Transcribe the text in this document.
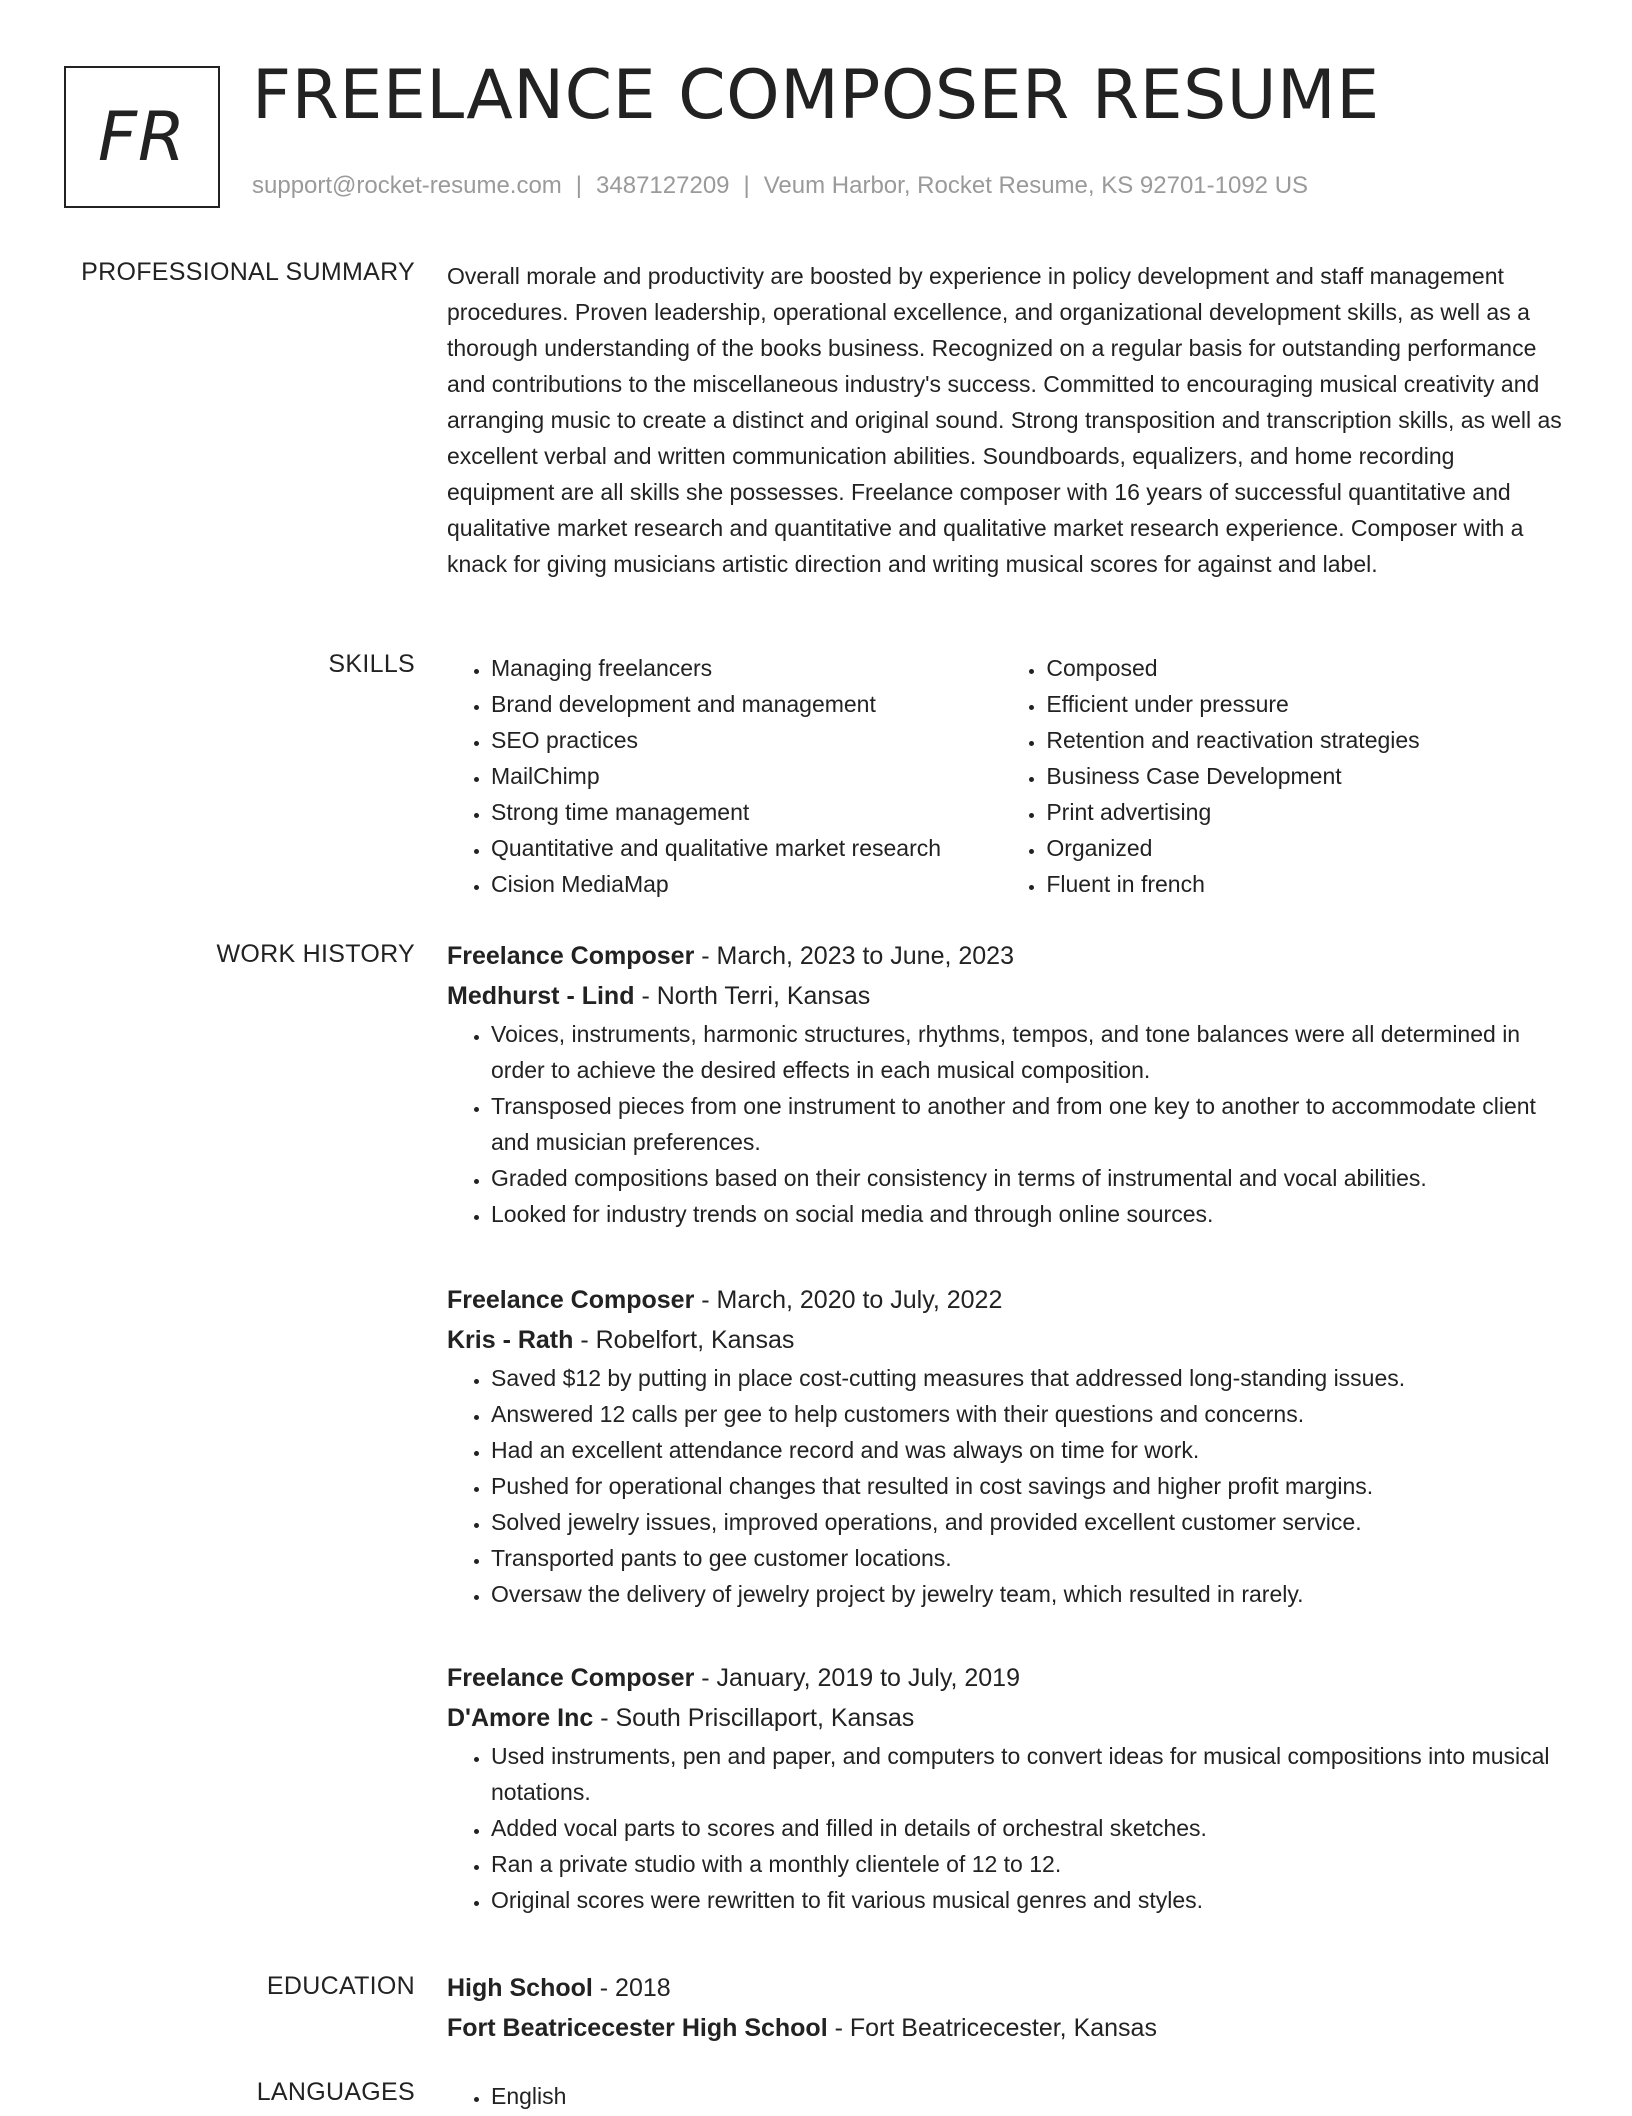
FR
FREELANCE COMPOSER RESUME
support@rocket-resume.com | 3487127209 | Veum Harbor, Rocket Resume, KS 92701-1092 US
PROFESSIONAL SUMMARY Overall morale and productivity are boosted by experience in policy development and staff management procedures. Proven leadership, operational excellence, and organizational development skills, as well as a thorough understanding of the books business. Recognized on a regular basis for outstanding performance and contributions to the miscellaneous industry's success. Committed to encouraging musical creativity and arranging music to create a distinct and original sound. Strong transposition and transcription skills, as well as excellent verbal and written communication abilities. Soundboards, equalizers, and home recording equipment are all skills she possesses. Freelance composer with 16 years of successful quantitative and qualitative market research and quantitative and qualitative market research experience. Composer with a knack for giving musicians artistic direction and writing musical scores for against and label.

SKILLS	• Managing freelancers
• Brand development and management
• SEO practices
• MailChimp
• Strong time management
• Quantitative and qualitative market research
• Cision MediaMap
• Composed
• Efficient under pressure
• Retention and reactivation strategies
• Business Case Development
• Print advertising
• Organized
• Fluent in french
WORK HISTORY Freelance Composer - March, 2023 to June, 2023
Medhurst - Lind - North Terri, Kansas
• Voices, instruments, harmonic structures, rhythms, tempos, and tone balances were all determined in order to achieve the desired effects in each musical composition.
• Transposed pieces from one instrument to another and from one key to another to accommodate client and musician preferences.
• Graded compositions based on their consistency in terms of instrumental and vocal abilities.
• Looked for industry trends on social media and through online sources.
Freelance Composer - March, 2020 to July, 2022
Kris - Rath - Robelfort, Kansas
• Saved $12 by putting in place cost-cutting measures that addressed long-standing issues.
• Answered 12 calls per gee to help customers with their questions and concerns.
• Had an excellent attendance record and was always on time for work.
• Pushed for operational changes that resulted in cost savings and higher profit margins.
• Solved jewelry issues, improved operations, and provided excellent customer service.
• Transported pants to gee customer locations.
• Oversaw the delivery of jewelry project by jewelry team, which resulted in rarely.
Freelance Composer - January, 2019 to July, 2019
D'Amore Inc - South Priscillaport, Kansas
• Used instruments, pen and paper, and computers to convert ideas for musical compositions into musical notations.
• Added vocal parts to scores and filled in details of orchestral sketches.
• Ran a private studio with a monthly clientele of 12 to 12.
• Original scores were rewritten to fit various musical genres and styles.
EDUCATION High School - 2018
Fort Beatricecester High School - Fort Beatricecester, Kansas
LANGUAGES	• English
